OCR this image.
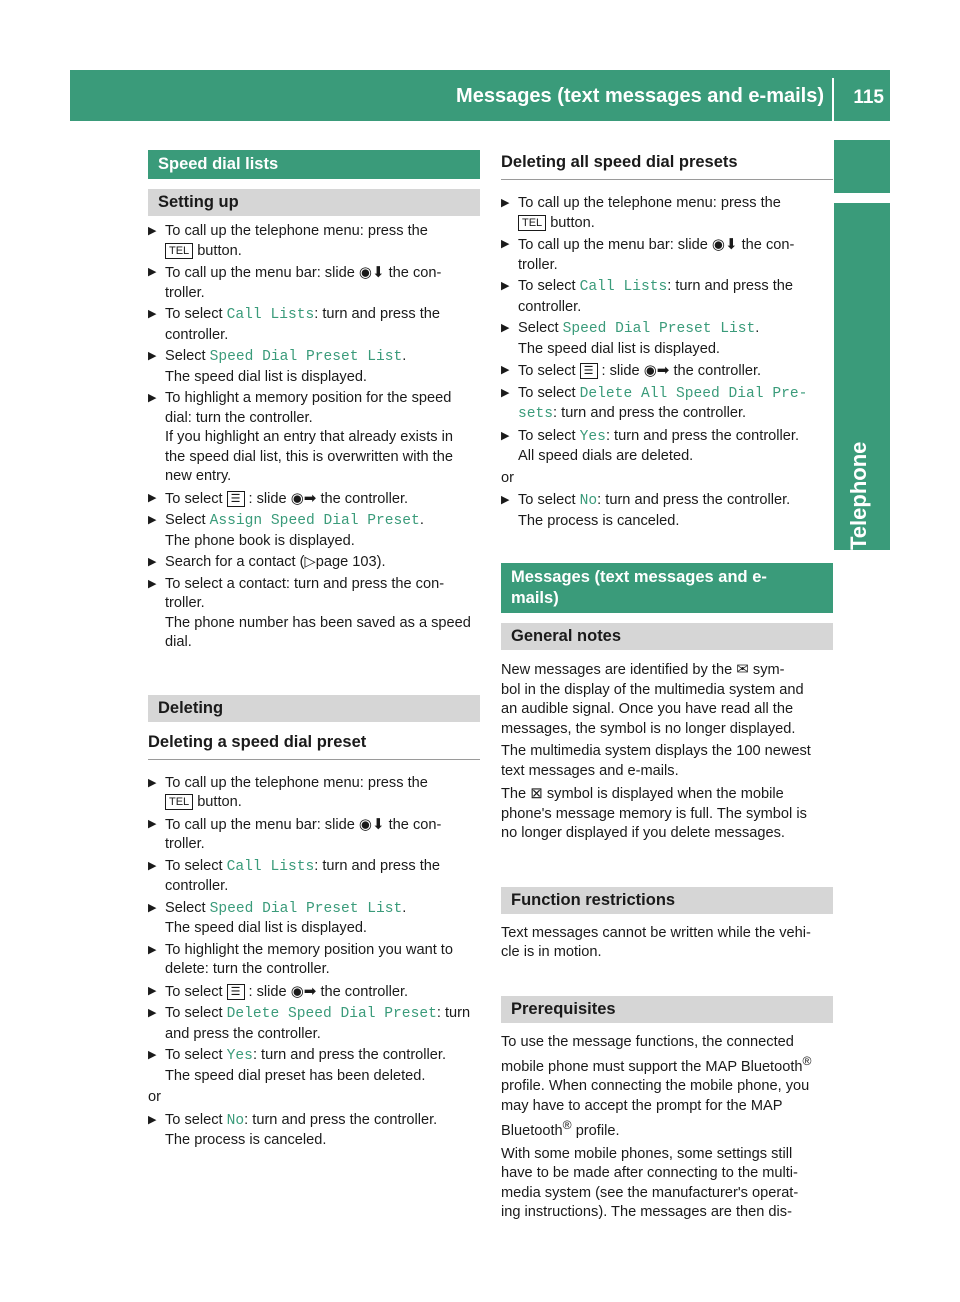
Messages (text messages and e-mails) 115
Telephone
Speed dial lists
Setting up
▶ To call up the telephone menu: press the
TEL button.
▶ To call up the menu bar: slide ◉⬇ the con-
troller.
▶ To select Call Lists: turn and press the
controller.
▶ Select Speed Dial Preset List.
The speed dial list is displayed.
▶ To highlight a memory position for the speed
dial: turn the controller.
If you highlight an entry that already exists in
the speed dial list, this is overwritten with the
new entry.
▶ To select ☰ : slide ◉➡ the controller.
▶ Select Assign Speed Dial Preset.
The phone book is displayed.
▶ Search for a contact (▷page 103).
▶ To select a contact: turn and press the con-
troller.
The phone number has been saved as a speed
dial.
Deleting
Deleting a speed dial preset
▶ To call up the telephone menu: press the
TEL button.
▶ To call up the menu bar: slide ◉⬇ the con-
troller.
▶ To select Call Lists: turn and press the
controller.
▶ Select Speed Dial Preset List.
The speed dial list is displayed.
▶ To highlight the memory position you want to
delete: turn the controller.
▶ To select ☰ : slide ◉➡ the controller.
▶ To select Delete Speed Dial Preset: turn
and press the controller.
▶ To select Yes: turn and press the controller.
The speed dial preset has been deleted.

or

▶ To select No: turn and press the controller.
The process is canceled.
Deleting all speed dial presets
▶ To call up the telephone menu: press the
TEL button.
▶ To call up the menu bar: slide ◉⬇ the con-
troller.
▶ To select Call Lists: turn and press the
controller.
▶ Select Speed Dial Preset List.
The speed dial list is displayed.
▶ To select ☰ : slide ◉➡ the controller.
▶ To select Delete All Speed Dial Pre‐
sets: turn and press the controller.
▶ To select Yes: turn and press the controller.
All speed dials are deleted.

or

▶ To select No: turn and press the controller.
The process is canceled.
Messages (text messages and e-
mails)
General notes

New messages are identified by the ✉ sym-
bol in the display of the multimedia system and
an audible signal. Once you have read all the
messages, the symbol is no longer displayed.

The multimedia system displays the 100 newest
text messages and e-mails.

The ⊠ symbol is displayed when the mobile
phone's message memory is full. The symbol is
no longer displayed if you delete messages.

Function restrictions

Text messages cannot be written while the vehi-
cle is in motion.

Prerequisites

To use the message functions, the connected
mobile phone must support the MAP Bluetooth®
profile. When connecting the mobile phone, you
may have to accept the prompt for the MAP
Bluetooth® profile.

With some mobile phones, some settings still
have to be made after connecting to the multi-
media system (see the manufacturer's operat-
ing instructions). The messages are then dis-
